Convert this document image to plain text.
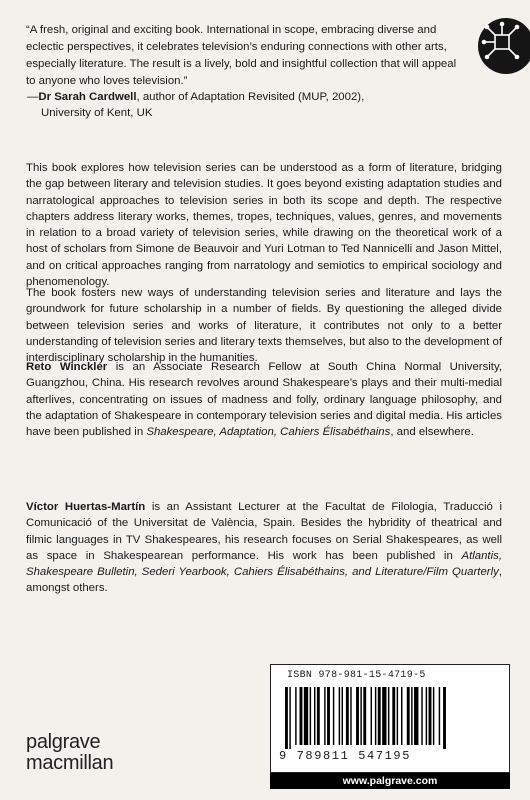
“A fresh, original and exciting book. International in scope, embracing diverse and eclectic perspectives, it celebrates television’s enduring connections with other arts, especially literature. The result is a lively, bold and insightful collection that will appeal to anyone who loves television.”

—Dr Sarah Cardwell, author of Adaptation Revisited (MUP, 2002),
University of Kent, UK

This book explores how television series can be understood as a form of literature, bridging the gap between literary and television studies. It goes beyond existing adaptation studies and narratological approaches to television series in both its scope and depth. The respective chapters address literary works, themes, tropes, techniques, values, genres, and movements in relation to a broad variety of television series, while drawing on the theoretical work of a host of scholars from Simone de Beauvoir and Yuri Lotman to Ted Nannicelli and Jason Mittel, and on critical approaches ranging from narratology and semiotics to empirical sociology and phenomenology.

The book fosters new ways of understanding television series and literature and lays the groundwork for future scholarship in a number of fields. By questioning the alleged divide between television series and works of literature, it contributes not only to a better understanding of television series and literary texts themselves, but also to the development of interdisciplinary scholarship in the humanities.

Reto Winckler is an Associate Research Fellow at South China Normal University, Guangzhou, China. His research revolves around Shakespeare’s plays and their multi-medial afterlives, concentrating on issues of madness and folly, ordinary language philosophy, and the adaptation of Shakespeare in contemporary television series and digital media. His articles have been published in Shakespeare, Adaptation, Cahiers Élisabéthains, and elsewhere.

Víctor Huertas-Martín is an Assistant Lecturer at the Facultat de Filologia, Traducció i Comunicació of the Universitat de València, Spain. Besides the hybridity of theatrical and filmic languages in TV Shakespeares, his research focuses on Serial Shakespeares, as well as space in Shakespearean performance. His work has been published in Atlantis, Shakespeare Bulletin, Sederi Yearbook, Cahiers Élisabéthains, and Literature/Film Quarterly, amongst others.

palgrave
macmillan
ISBN 978-981-15-4719-5
9 789811 547195
www.palgrave.com
